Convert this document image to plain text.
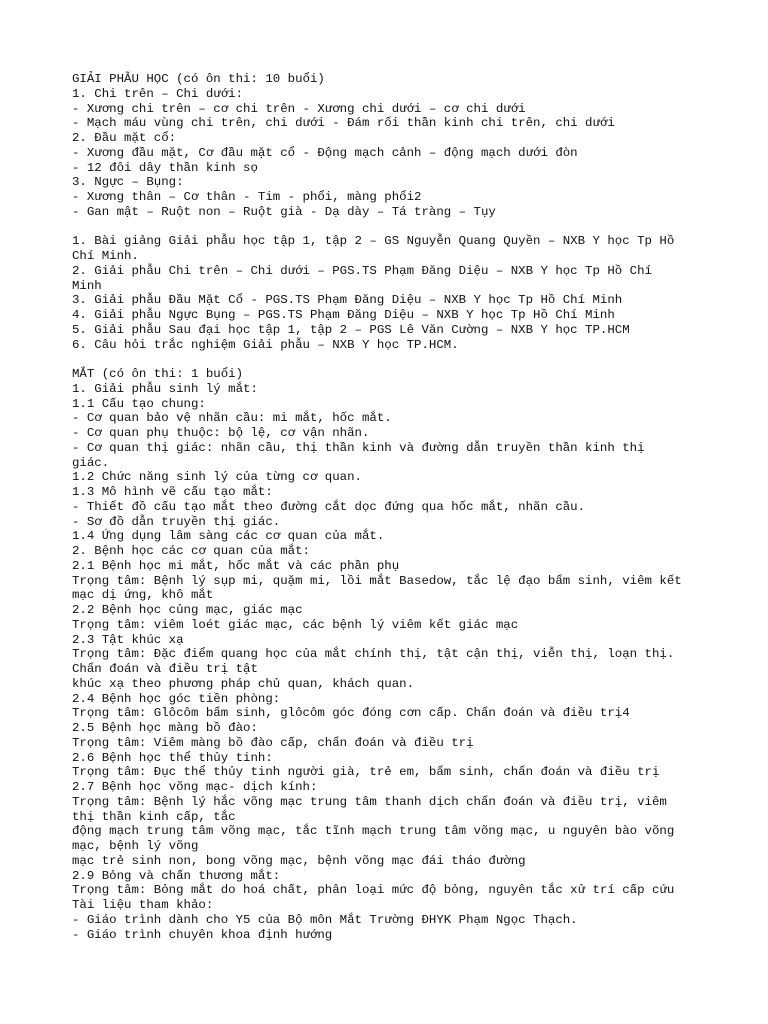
GIẢI PHẪU HỌC (có ôn thi: 10 buổi)
1. Chi trên – Chi dưới:
- Xương chi trên – cơ chi trên - Xương chi dưới – cơ chi dưới
- Mạch máu vùng chi trên, chi dưới - Đám rối thần kinh chi trên, chi dưới
2. Đầu mặt cổ:
- Xương đầu mặt, Cơ đầu mặt cổ - Động mạch cảnh – động mạch dưới đòn
- 12 đôi dây thần kinh sọ
3. Ngực – Bụng:
- Xương thân – Cơ thân - Tim - phổi, màng phổi2
- Gan mật – Ruột non – Ruột già - Dạ dày – Tá tràng – Tụy
1. Bài giảng Giải phẫu học tập 1, tập 2 – GS Nguyễn Quang Quyền – NXB Y học Tp Hồ
Chí Minh.
2. Giải phẫu Chi trên – Chi dưới – PGS.TS Phạm Đăng Diệu – NXB Y học Tp Hồ Chí
Minh
3. Giải phẫu Đầu Mặt Cổ - PGS.TS Phạm Đăng Diệu – NXB Y học Tp Hồ Chí Minh
4. Giải phẫu Ngực Bụng – PGS.TS Phạm Đăng Diệu – NXB Y học Tp Hồ Chí Minh
5. Giải phẫu Sau đại học tập 1, tập 2 – PGS Lê Văn Cường – NXB Y học TP.HCM
6. Câu hỏi trắc nghiệm Giải phẫu – NXB Y học TP.HCM.
MẮT (có ôn thi: 1 buổi)
1. Giải phẫu sinh lý mắt:
1.1 Cấu tạo chung:
- Cơ quan bảo vệ nhãn cầu: mi mắt, hốc mắt.
- Cơ quan phụ thuộc: bộ lệ, cơ vận nhãn.
- Cơ quan thị giác: nhãn cầu, thị thần kinh và đường dẫn truyền thần kinh thị
giác.
1.2 Chức năng sinh lý của từng cơ quan.
1.3 Mô hình vẽ cấu tạo mắt:
- Thiết đồ cấu tạo mắt theo đường cắt dọc đứng qua hốc mắt, nhãn cầu.
- Sơ đồ dẫn truyền thị giác.
1.4 Ứng dụng lâm sàng các cơ quan của mắt.
2. Bệnh học các cơ quan của mắt:
2.1 Bệnh học mi mắt, hốc mắt và các phần phụ
Trọng tâm: Bệnh lý sụp mi, quặm mi, lồi mắt Basedow, tắc lệ đạo bẩm sinh, viêm kết
mạc dị ứng, khô mắt
2.2 Bệnh học củng mạc, giác mạc
Trọng tâm: viêm loét giác mạc, các bệnh lý viêm kết giác mạc
2.3 Tật khúc xạ
Trọng tâm: Đặc điểm quang học của mắt chính thị, tật cận thị, viễn thị, loạn thị.
Chẩn đoán và điều trị tật
khúc xạ theo phương pháp chủ quan, khách quan.
2.4 Bệnh học góc tiền phòng:
Trọng tâm: Glôcôm bẩm sinh, glôcôm góc đóng cơn cấp. Chẩn đoán và điều trị4
2.5 Bệnh học màng bồ đào:
Trọng tâm: Viêm màng bồ đào cấp, chẩn đoán và điều trị
2.6 Bệnh học thể thủy tinh:
Trọng tâm: Đục thể thủy tinh người già, trẻ em, bẩm sinh, chẩn đoán và điều trị
2.7 Bệnh học võng mạc- dịch kính:
Trọng tâm: Bệnh lý hắc võng mạc trung tâm thanh dịch chẩn đoán và điều trị, viêm
thị thần kinh cấp, tắc
động mạch trung tâm võng mạc, tắc tĩnh mạch trung tâm võng mạc, u nguyên bào võng
mạc, bệnh lý võng
mạc trẻ sinh non, bong võng mạc, bệnh võng mạc đái tháo đường
2.9 Bỏng và chấn thương mắt:
Trọng tâm: Bỏng mắt do hoá chất, phân loại mức độ bỏng, nguyên tắc xử trí cấp cứu
Tài liệu tham khảo:
- Giáo trình dành cho Y5 của Bộ môn Mắt Trường ĐHYK Phạm Ngọc Thạch.
- Giáo trình chuyên khoa định hướng
